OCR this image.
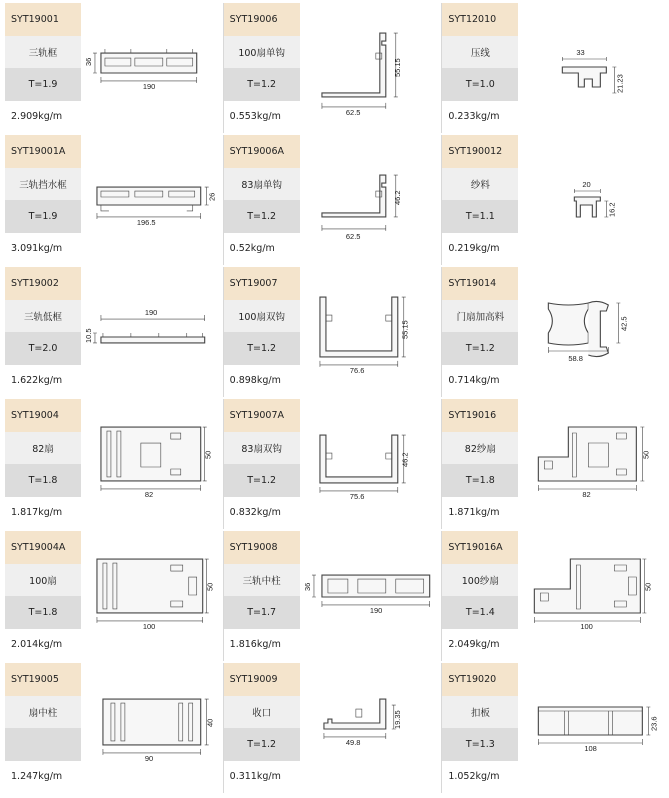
SYT19001
三轨框
T=1.9
2.909kg/m
36
190
SYT19006
100扇单钩
T=1.2
0.553kg/m
55.15
62.5
SYT12010
压线
T=1.0
0.233kg/m
33
21.23
SYT19001A
三轨挡水框
T=1.9
3.091kg/m
26
196.5
SYT19006A
83扇单钩
T=1.2
0.52kg/m
46.2
62.5
SYT190012
纱料
T=1.1
0.219kg/m
20
16.2
SYT19002
三轨低框
T=2.0
1.622kg/m
190
10.5
SYT19007
100扇双钩
T=1.2
0.898kg/m
55.15
76.6
SYT19014
门扇加高料
T=1.2
0.714kg/m
42.5
58.8
SYT19004
82扇
T=1.8
1.817kg/m
50
82
SYT19007A
83扇双钩
T=1.2
0.832kg/m
46.2
75.6
SYT19016
82纱扇
T=1.8
1.871kg/m
50
82
SYT19004A
100扇
T=1.8
2.014kg/m
50
100
SYT19008
三轨中柱
T=1.7
1.816kg/m
36
190
SYT19016A
100纱扇
T=1.4
2.049kg/m
50
100
SYT19005
扇中柱
1.247kg/m
40
90
SYT19009
收口
T=1.2
0.311kg/m
19.35
49.8
SYT19020
扣板
T=1.3
1.052kg/m
23.6
108
